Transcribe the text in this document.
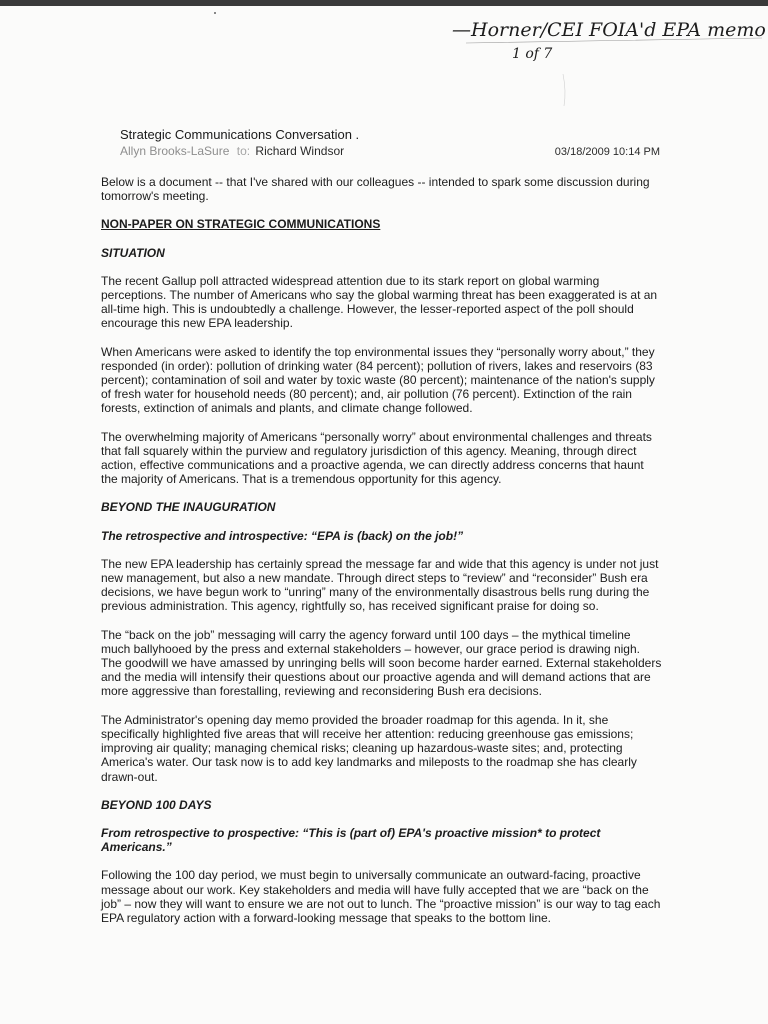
—Horner/CEI FOIA'd EPA memo
1 of 7

Strategic Communications Conversation .

Allyn Brooks-LaSure to: Richard Windsor	03/18/2009 10:14 PM

Below is a document -- that I've shared with our colleagues -- intended to spark some discussion during tomorrow's meeting.

NON-PAPER ON STRATEGIC COMMUNICATIONS

SITUATION

The recent Gallup poll attracted widespread attention due to its stark report on global warming perceptions. The number of Americans who say the global warming threat has been exaggerated is at an all-time high. This is undoubtedly a challenge. However, the lesser-reported aspect of the poll should encourage this new EPA leadership.

When Americans were asked to identify the top environmental issues they “personally worry about,” they responded (in order): pollution of drinking water (84 percent); pollution of rivers, lakes and reservoirs (83 percent); contamination of soil and water by toxic waste (80 percent); maintenance of the nation's supply of fresh water for household needs (80 percent); and, air pollution (76 percent). Extinction of the rain forests, extinction of animals and plants, and climate change followed.

The overwhelming majority of Americans “personally worry” about environmental challenges and threats that fall squarely within the purview and regulatory jurisdiction of this agency. Meaning, through direct action, effective communications and a proactive agenda, we can directly address concerns that haunt the majority of Americans. That is a tremendous opportunity for this agency.

BEYOND THE INAUGURATION

The retrospective and introspective: “EPA is (back) on the job!”

The new EPA leadership has certainly spread the message far and wide that this agency is under not just new management, but also a new mandate. Through direct steps to “review” and “reconsider” Bush era decisions, we have begun work to “unring” many of the environmentally disastrous bells rung during the previous administration. This agency, rightfully so, has received significant praise for doing so.

The “back on the job” messaging will carry the agency forward until 100 days – the mythical timeline much ballyhooed by the press and external stakeholders – however, our grace period is drawing nigh. The goodwill we have amassed by unringing bells will soon become harder earned. External stakeholders and the media will intensify their questions about our proactive agenda and will demand actions that are more aggressive than forestalling, reviewing and reconsidering Bush era decisions.

The Administrator's opening day memo provided the broader roadmap for this agenda. In it, she specifically highlighted five areas that will receive her attention: reducing greenhouse gas emissions; improving air quality; managing chemical risks; cleaning up hazardous-waste sites; and, protecting America's water. Our task now is to add key landmarks and mileposts to the roadmap she has clearly drawn-out.

BEYOND 100 DAYS

From retrospective to prospective: “This is (part of) EPA's proactive mission* to protect Americans.”

Following the 100 day period, we must begin to universally communicate an outward-facing, proactive message about our work. Key stakeholders and media will have fully accepted that we are “back on the job” – now they will want to ensure we are not out to lunch. The “proactive mission” is our way to tag each EPA regulatory action with a forward-looking message that speaks to the bottom line.
